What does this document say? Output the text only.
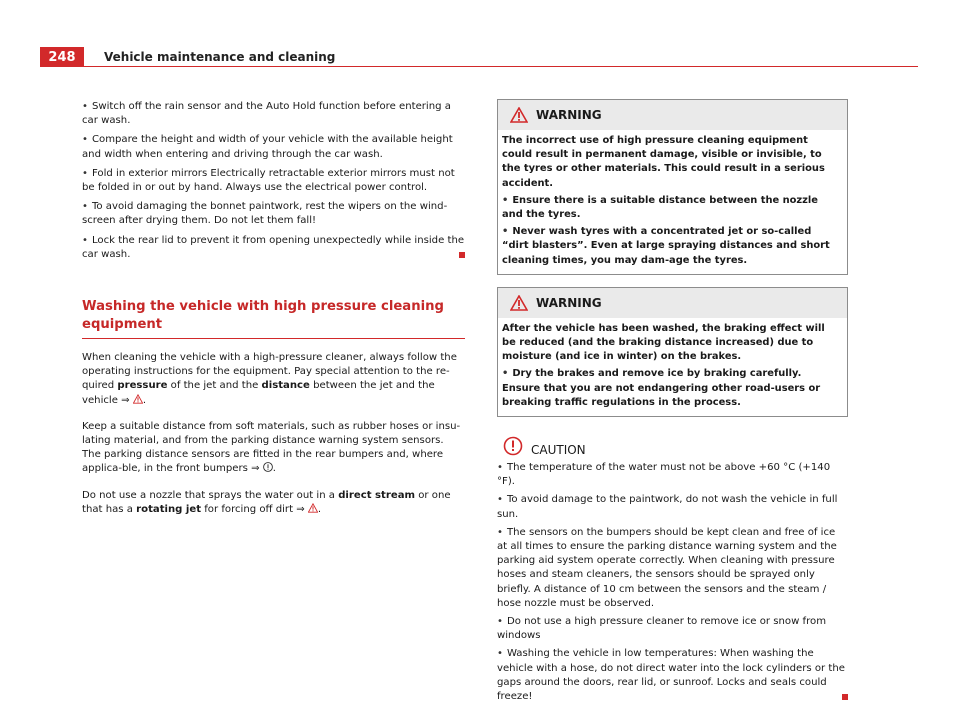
248	Vehicle maintenance and cleaning
• Switch off the rain sensor and the Auto Hold function before entering a car wash.
• Compare the height and width of your vehicle with the available height and width when entering and driving through the car wash.
• Fold in exterior mirrors Electrically retractable exterior mirrors must not be folded in or out by hand. Always use the electrical power control.
• To avoid damaging the bonnet paintwork, rest the wipers on the wind-screen after drying them. Do not let them fall!
• Lock the rear lid to prevent it from opening unexpectedly while inside the car wash.
Washing the vehicle with high pressure cleaning equipment

When cleaning the vehicle with a high-pressure cleaner, always follow the operating instructions for the equipment. Pay special attention to the re-quired pressure of the jet and the distance between the jet and the vehicle ⇒ .

Keep a suitable distance from soft materials, such as rubber hoses or insu-lating material, and from the parking distance warning system sensors. The parking distance sensors are fitted in the rear bumpers and, where applica-ble, in the front bumpers ⇒ .

Do not use a nozzle that sprays the water out in a direct stream or one that has a rotating jet for forcing off dirt ⇒ .

WARNING

The incorrect use of high pressure cleaning equipment could result in permanent damage, visible or invisible, to the tyres or other materials. This could result in a serious accident.

• Ensure there is a suitable distance between the nozzle and the tyres.
• Never wash tyres with a concentrated jet or so-called “dirt blasters”. Even at large spraying distances and short cleaning times, you may dam-age the tyres.
WARNING

After the vehicle has been washed, the braking effect will be reduced (and the braking distance increased) due to moisture (and ice in winter) on the brakes.

• Dry the brakes and remove ice by braking carefully. Ensure that you are not endangering other road-users or breaking traffic regulations in the process.
CAUTION
• The temperature of the water must not be above +60 °C (+140 °F).
• To avoid damage to the paintwork, do not wash the vehicle in full sun.
• The sensors on the bumpers should be kept clean and free of ice at all times to ensure the parking distance warning system and the parking aid system operate correctly. When cleaning with pressure hoses and steam cleaners, the sensors should be sprayed only briefly. A distance of 10 cm between the sensors and the steam / hose nozzle must be observed.
• Do not use a high pressure cleaner to remove ice or snow from windows
• Washing the vehicle in low temperatures: When washing the vehicle with a hose, do not direct water into the lock cylinders or the gaps around the doors, rear lid, or sunroof. Locks and seals could freeze!
